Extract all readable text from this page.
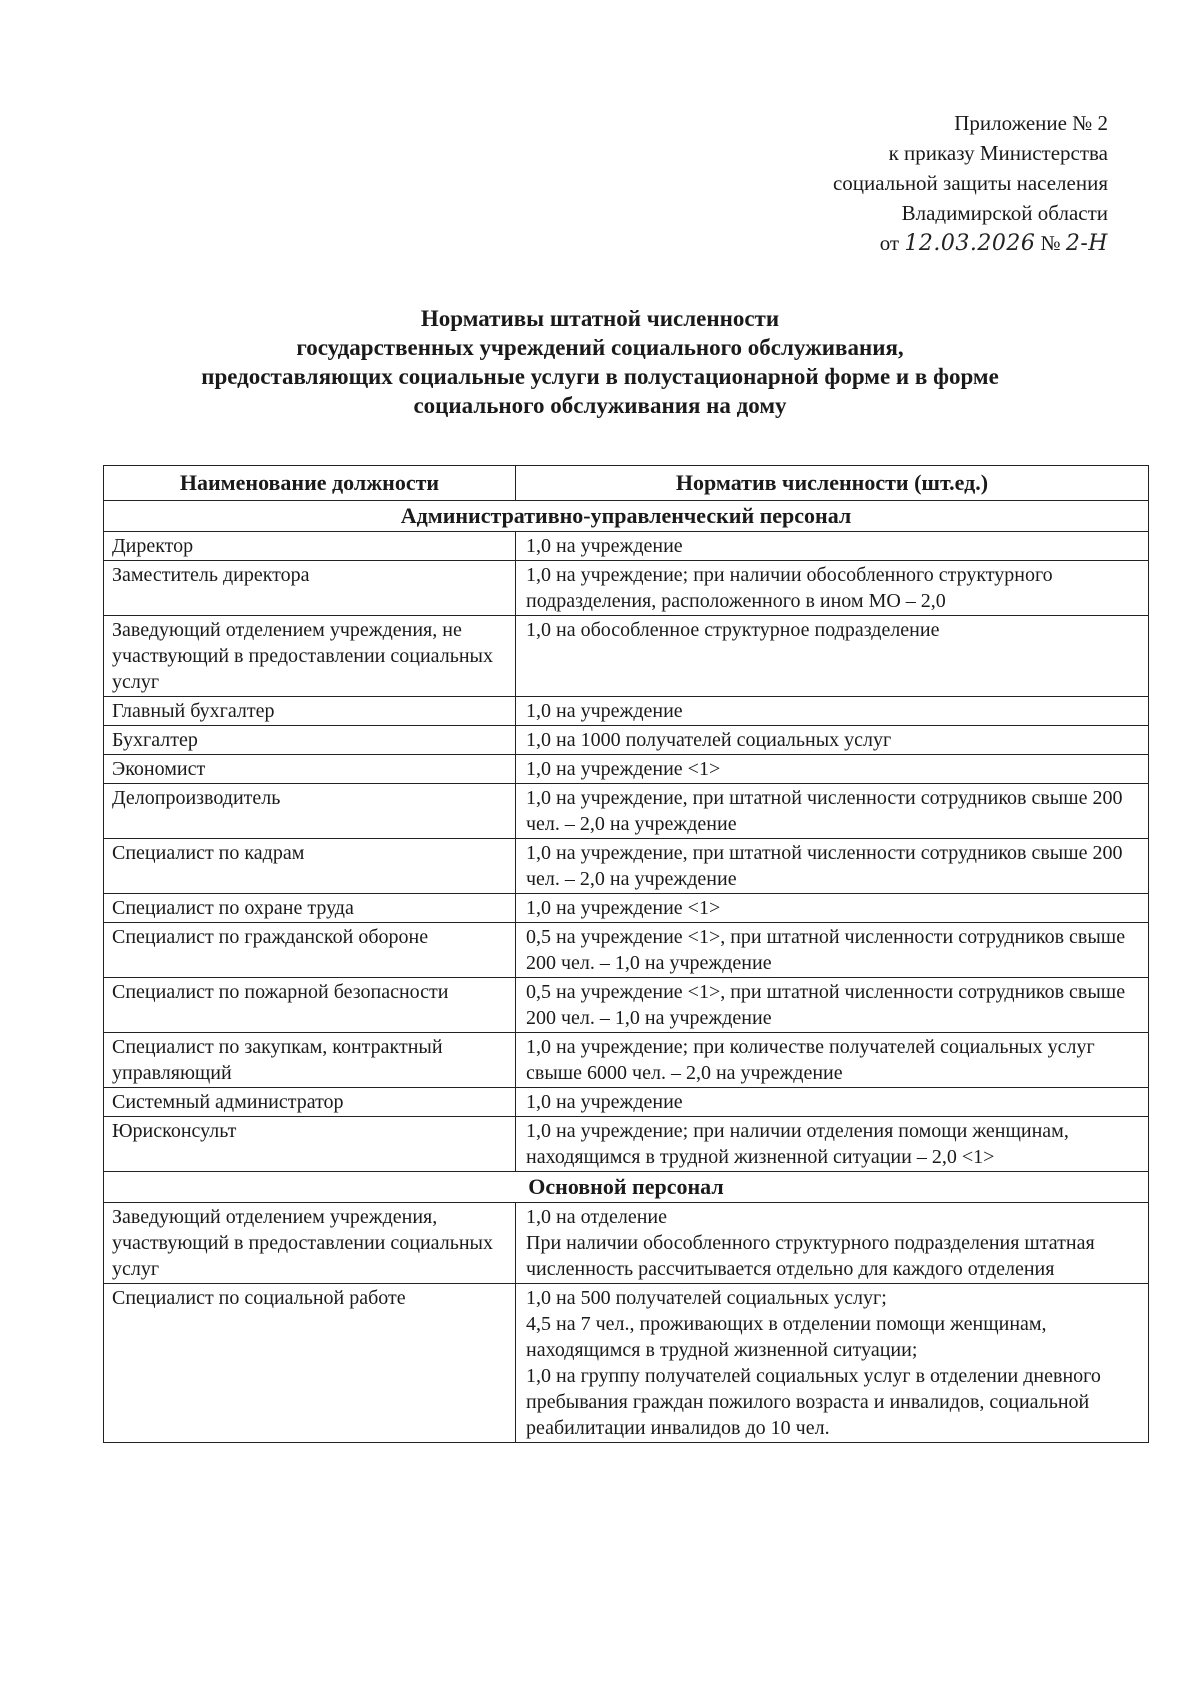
Приложение № 2
к приказу Министерства
социальной защиты населения
Владимирской области
от 12.03.2026 № 2-Н
Нормативы штатной численности
государственных учреждений социального обслуживания,
предоставляющих социальные услуги в полустационарной форме и в форме
социального обслуживания на дому
Наименование должности	Норматив численности (шт.ед.)
Административно-управленческий персонал	
Директор	1,0 на учреждение
Заместитель директора	1,0 на учреждение; при наличии обособленного структурного подразделения, расположенного в ином МО – 2,0
Заведующий отделением учреждения, не участвующий в предоставлении социальных услуг	1,0 на обособленное структурное подразделение
Главный бухгалтер	1,0 на учреждение
Бухгалтер	1,0 на 1000 получателей социальных услуг
Экономист	1,0 на учреждение <1>
Делопроизводитель	1,0 на учреждение, при штатной численности сотрудников свыше 200 чел. – 2,0 на учреждение
Специалист по кадрам	1,0 на учреждение, при штатной численности сотрудников свыше 200 чел. – 2,0 на учреждение
Специалист по охране труда	1,0 на учреждение <1>
Специалист по гражданской обороне	0,5 на учреждение <1>, при штатной численности сотрудников свыше 200 чел. – 1,0 на учреждение
Специалист по пожарной безопасности	0,5 на учреждение <1>, при штатной численности сотрудников свыше 200 чел. – 1,0 на учреждение
Специалист по закупкам, контрактный управляющий	1,0 на учреждение; при количестве получателей социальных услуг свыше 6000 чел. – 2,0 на учреждение
Системный администратор	1,0 на учреждение
Юрисконсульт	1,0 на учреждение; при наличии отделения помощи женщинам, находящимся в трудной жизненной ситуации – 2,0 <1>
Основной персонал	
Заведующий отделением учреждения, участвующий в предоставлении социальных услуг	1,0 на отделение
При наличии обособленного структурного подразделения штатная численность рассчитывается отдельно для каждого отделения
Специалист по социальной работе	1,0 на 500 получателей социальных услуг;
4,5 на 7 чел., проживающих в отделении помощи женщинам, находящимся в трудной жизненной ситуации;
1,0 на группу получателей социальных услуг в отделении дневного пребывания граждан пожилого возраста и инвалидов, социальной реабилитации инвалидов до 10 чел.
